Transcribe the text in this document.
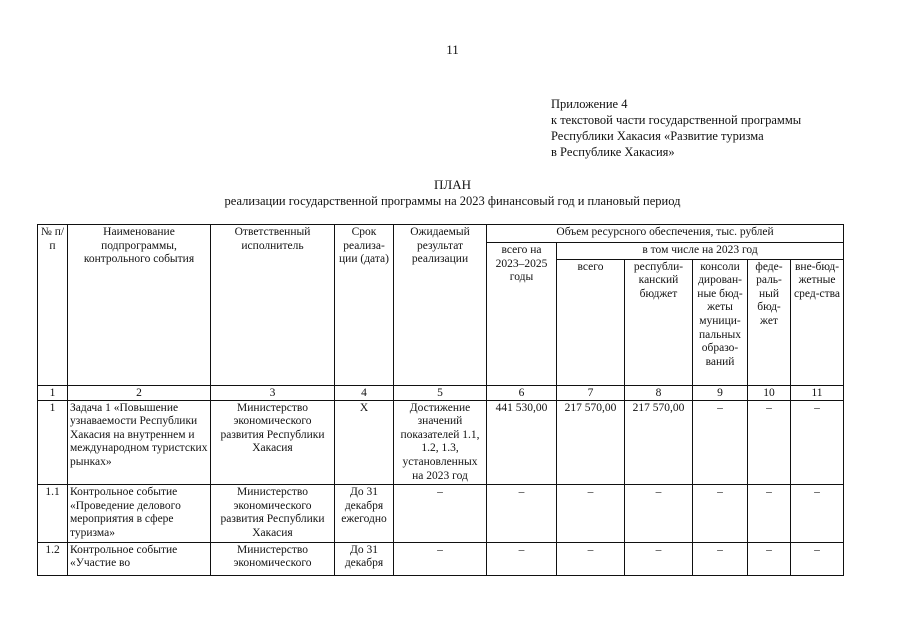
11
Приложение 4
к текстовой части государственной программы
Республики Хакасия «Развитие туризма
в Республике Хакасия»
ПЛАН
реализации государственной программы на 2023 финансовый год и плановый период
№ п/п	Наименование подпрограммы, контрольного события	Ответственный исполнитель	Срок реализа-ции (дата)	Ожидаемый результат реализации	Объем ресурсного обеспечения, тыс. рублей					
					всего на 2023–2025 годы	в том числе на 2023 год				
						всего	республи-канский бюджет	консоли дирован-ные бюд-жеты муници-пальных образо-ваний	феде-раль-ный бюд-жет	вне-бюд-жетные сред-ства
1	2	3	4	5	6	7	8	9	10	11
1	Задача 1 «Повышение узнаваемости Республики Хакасия на внутреннем и международном туристских рынках»	Министерство экономического развития Республики Хакасия	Х	Достижение значений показателей 1.1, 1.2, 1.3, установленных на 2023 год	441 530,00	217 570,00	217 570,00	–	–	–
1.1	Контрольное событие «Проведение делового мероприятия в сфере туризма»	Министерство экономического развития Республики Хакасия	До 31 декабря ежегодно	–	–	–	–	–	–	–
1.2	Контрольное событие «Участие во	Министерство экономического	До 31 декабря	–	–	–	–	–	–	–
